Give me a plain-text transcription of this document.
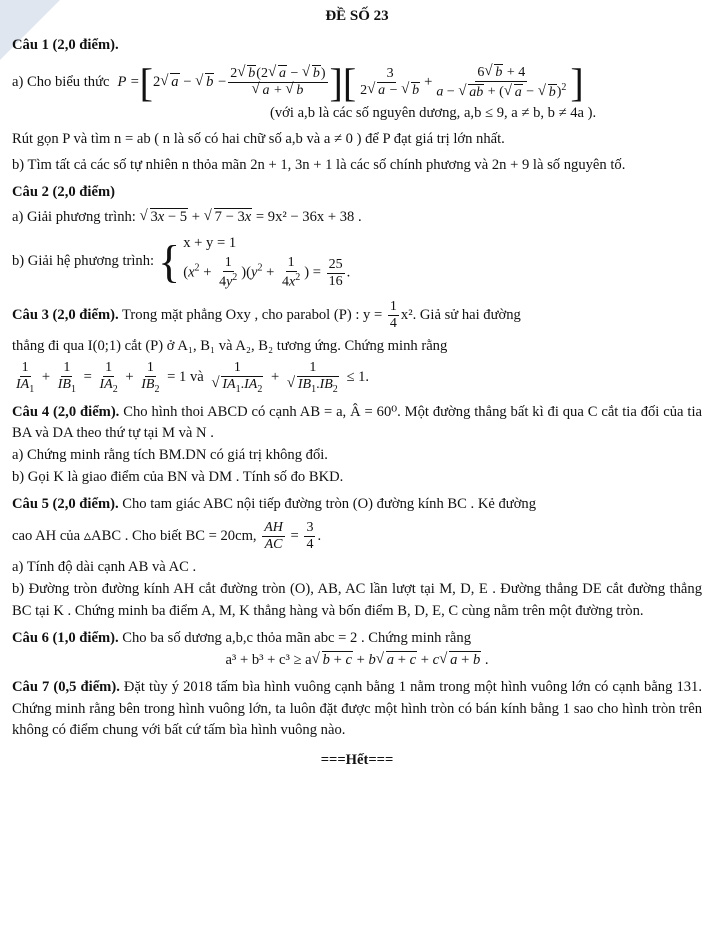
ĐỀ SỐ 23
Câu 1 (2,0 điểm).
a) Cho biểu thức P = [ 2 √ a − √ b − 2 √ b(2 √ a − √ b)
√ a + √ b ][ $\frac{3}{2 √ a - √ b} + \frac{6 √ b + 4}{a - √ ab + ( √ a - √ b)^2}$ ]
(với a,b là các số nguyên dương, a,b ≤ 9, a ≠ b, b ≠ 4a ).
Rút gọn P và tìm n = ab ( n là số có hai chữ số a,b và a ≠ 0 ) để P đạt giá trị lớn nhất.
b) Tìm tất cả các số tự nhiên n thỏa mãn 2n + 1, 3n + 1 là các số chính phương và 2n + 9 là số nguyên tố.
Câu 2 (2,0 điểm)
a) Giải phương trình: √ 3x − 5 + √ 7 − 3x = 9x² − 36x + 38 .
b) Giải hệ phương trình: { x + y = 1
$(x^2 + \frac{1}{4y^2} )(y^2 + \frac{1}{4x^2}$ ) = $\frac{25}{16}$ .
Câu 3 (2,0 điểm). Trong mặt phẳng Oxy , cho parabol (P) : $y = \frac{1}{4} x^2$. Giả sử hai đường
thẳng đi qua I(0;1) cắt (P) ở A₁, B₁ và A₂, B₂ tương ứng. Chứng minh rằng
$\frac{1}{IA_1} + \frac{1}{IB_1} = \frac{1}{IA_2} + \frac{1}{IB_2} = 1$ và 1
√ $IA_1.IA_2 + 1$
√ $IB_1.IB_2 \le 1$.
Câu 4 (2,0 điểm). Cho hình thoi ABCD có cạnh AB = a, Â = 60⁰. Một đường thẳng bất kì đi qua C cắt tia đối của tia BA và DA theo thứ tự tại M và N .
a) Chứng minh rằng tích BM.DN có giá trị không đổi.
b) Gọi K là giao điểm của BN và DM . Tính số đo BKD.
Câu 5 (2,0 điểm). Cho tam giác ABC nội tiếp đường tròn (O) đường kính BC . Kẻ đường
cao AH của ▵ABC . Cho biết BC = 20cm, $\frac{AH}{AC} = \frac{3}{4}$ .
a) Tính độ dài cạnh AB và AC .
b) Đường tròn đường kính AH cắt đường tròn (O), AB, AC lần lượt tại M, D, E . Đường thẳng DE cắt đường thẳng BC tại K . Chứng minh ba điểm A, M, K thẳng hàng và bốn điểm B, D, E, C cùng nằm trên một đường tròn.
Câu 6 (1,0 điểm). Cho ba số dương a,b,c thỏa mãn abc = 2 . Chứng minh rằng
a³ + b³ + c³ ≥ a √ b + c + b √ a + c + c √ a + b .
Câu 7 (0,5 điểm). Đặt tùy ý 2018 tấm bìa hình vuông cạnh bằng 1 nằm trong một hình vuông lớn có cạnh bằng 131. Chứng minh rằng bên trong hình vuông lớn, ta luôn đặt được một hình tròn có bán kính bằng 1 sao cho hình tròn trên không có điểm chung với bất cứ tấm bìa hình vuông nào.
===Hết===
